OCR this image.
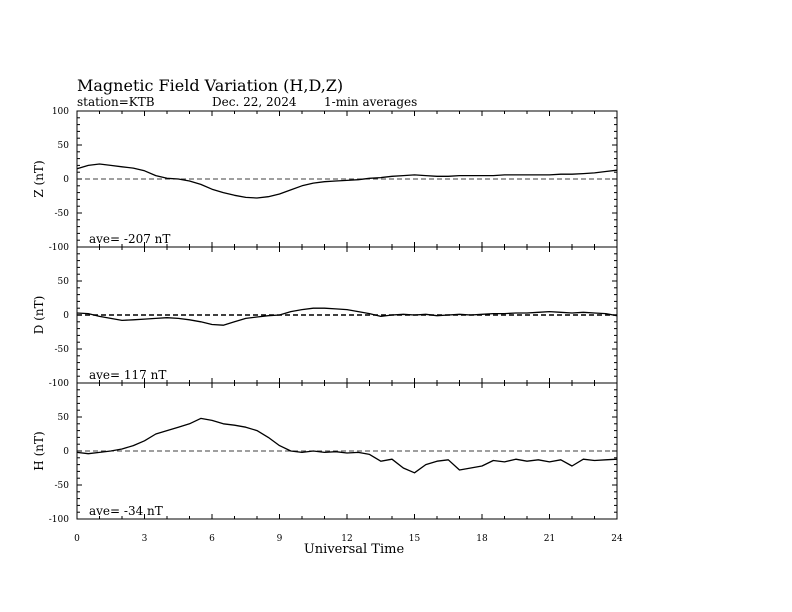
Magnetic Field Variation (H,D,Z)
station=KTB	Dec. 22, 2024 1-min averages
-100
-50
0
50
100
Z (nT)
ave= -207 nT
-100
-50
0
50
D (nT)
ave= 117 nT
-100
-50
0
50
H (nT)
ave= -34 nT
0	3	6	9	12	15	18	21	24
Universal Time
